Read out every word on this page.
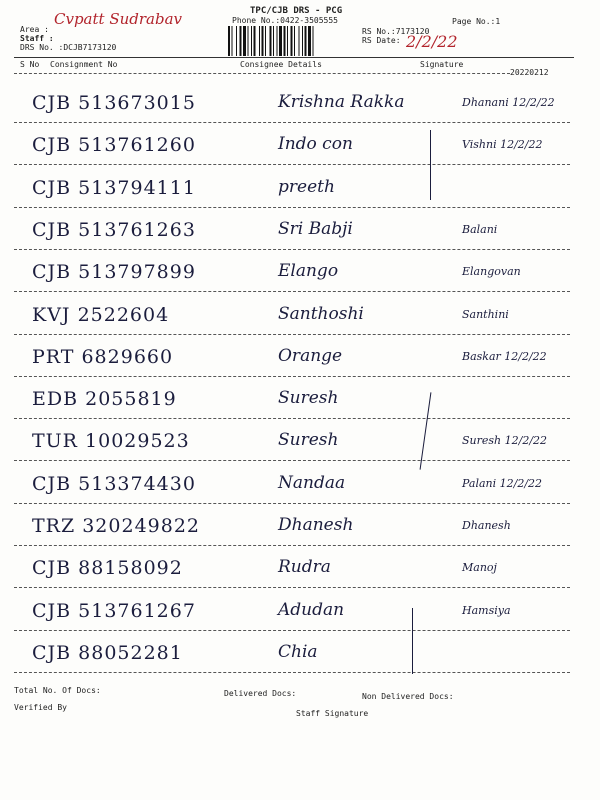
TPC/CJB DRS - PCG
Phone No.:0422-3505555
Area :
Cvpatt Sudrabav
Staff :
DRS No. :DCJB7173120
RS No.:7173120
RS Date: 2/2/22
Page No.:1
S No Consignment No	Consignee Details	Signature
20220212
CJB 513673015	Krishna Rakka	Dhanani 12/2/22
CJB 513761260	Indo con	Vishni 12/2/22
CJB 513794111	preeth
CJB 513761263	Sri Babji	Balani
CJB 513797899	Elango	Elangovan
KVJ 2522604	Santhoshi	Santhini
PRT 6829660	Orange	Baskar 12/2/22
EDB 2055819	Suresh
TUR 10029523	Suresh	Suresh 12/2/22
CJB 513374430	Nandaa	Palani 12/2/22
TRZ 320249822	Dhanesh	Dhanesh
CJB 88158092	Rudra	Manoj
CJB 513761267	Adudan	Hamsiya
CJB 88052281	Chia
Total No. Of Docs:	Delivered Docs:	Non Delivered Docs:
Verified By
Staff Signature
